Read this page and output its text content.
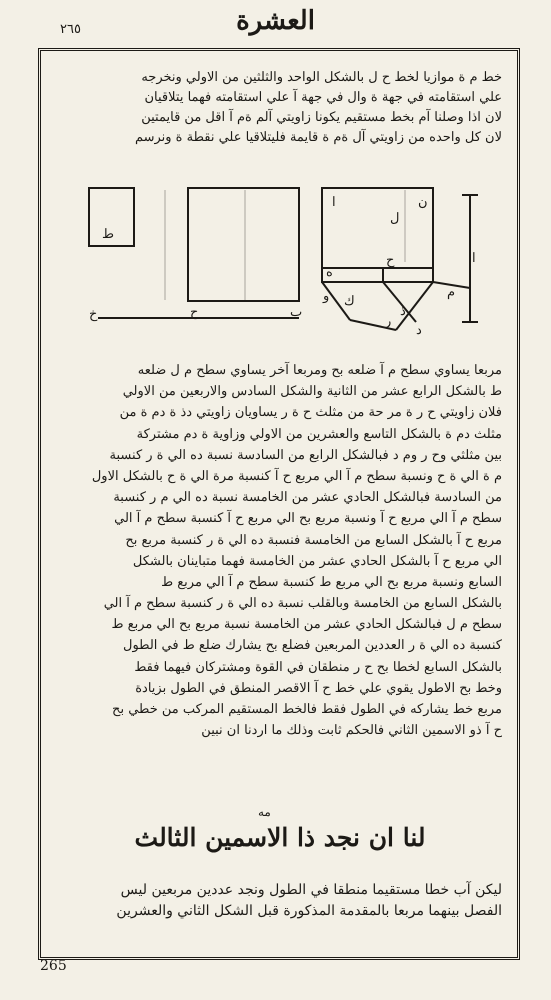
٢٦٥	العشرة
خط م ة موازيا لخط ح ل بالشكل الواحد والثلثين من الاولي ونخرجه
علي استقامته في جهة ة وال في جهة آ علي استقامته فهما يتلاقيان
لان اذا وصلنا آم بخط مستقيم يكونا زاويتي آلم ةم آ اقل من قايمتين
لان كل واحده من زاويتي آل ةم ة قايمة فليتلاقيا علي نقطة ة ونرسم
ا	ن
ل
ح
ط
خ	ح	ب
د
م
و
ا
ه
ر
ذ
ك
مربعا يساوي سطح م آ ضلعه بح ومربعا آخر يساوي سطح م ل ضلعه
ط بالشكل الرابع عشر من الثانية والشكل السادس والاربعين من الاولي
فلان زاويتي ح ر ة مر حة من مثلث ح ة ر يساويان زاويتي دذ ة دم ة من
مثلث دم ة بالشكل التاسع والعشرين من الاولي وزاوية ة دم مشتركة
بين مثلثي وح ر وم د فبالشكل الرابع من السادسة نسبة ده الي ة ر كنسبة
م ة الي ة ح ونسبة سطح م آ الي مربع ح آ كنسبة مرة الي ة ح بالشكل الاول
من السادسة فبالشكل الحادي عشر من الخامسة نسبة ده الي م ر كنسبة
سطح م آ الي مربع ح آ ونسبة مربع بح الي مربع ح آ كنسبة سطح م آ الي
مربع ح آ بالشكل السابع من الخامسة فنسبة ده الي ة ر كنسبة مربع بح
الي مربع ح آ بالشكل الحادي عشر من الخامسة فهما متباينان بالشكل
السابع ونسبة مربع بح الي مربع ط كنسبة سطح م آ الي مربع ط
بالشكل السابع من الخامسة وبالقلب نسبة ده الي ة ر كنسبة سطح م آ الي
سطح م ل فبالشكل الحادي عشر من الخامسة نسبة مربع بح الي مربع ط
كنسبة ده الي ة ر العددين المربعين فضلع بح يشارك ضلع ط في الطول
بالشكل السابع لخطا بح ح ر منطقان في القوة ومشتركان فيهما فقط
وخط بح الاطول يقوي علي خط ح آ الاقصر المنطق في الطول بزيادة
مربع خط يشاركه في الطول فقط فالخط المستقيم المركب من خطي بح
ح آ ذو الاسمين الثاني فالحكم ثابت وذلك ما اردنا ان نبين
مه
لنا ان نجد ذا الاسمين الثالث
ليكن آب خطا مستقيما منطقا في الطول ونجد عددين مربعين ليس
الفصل بينهما مربعا بالمقدمة المذكورة قبل الشكل الثاني والعشرين
265
